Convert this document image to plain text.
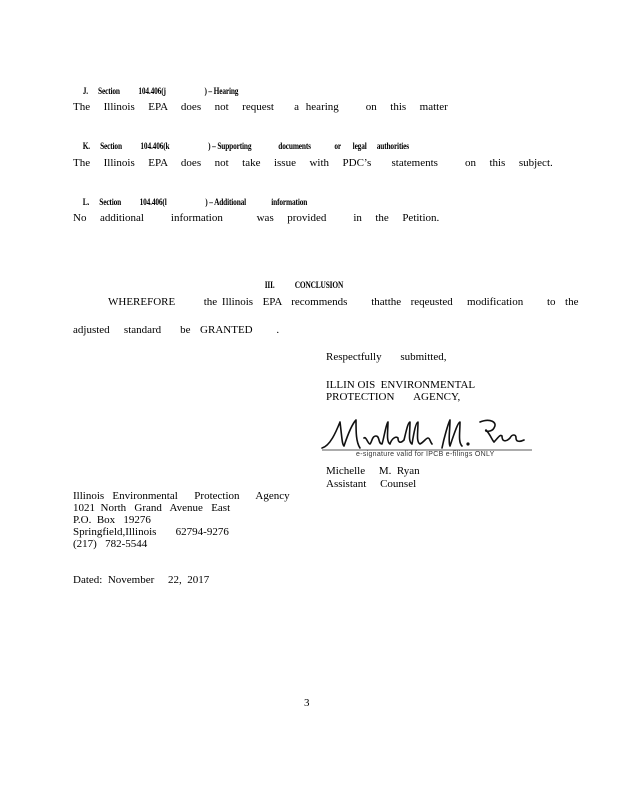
J. Section 104.406(j	) – Hearing

The  Illinois  EPA  does  not  request   a hearing    on  this  matter

K. Section 104.406(k	) – Supporting	documents	or legal authorities

The  Illinois  EPA  does  not  take  issue  with  PDC’s   statements    on  this  subject.

L. Section 104.406(l	) – Additional	information

No  additional    information     was  provided    in  the  Petition.

III. CONCLUSION

WHEREFORE      the Illinois  EPA  recommends     thatthe  reqeusted   modification     to  the
adjusted   standard    be  GRANTED     .
Respectfully     submitted,
ILLIN OIS  ENVIRONMENTAL
PROTECTION       AGENCY,
e-signature valid for IPCB e-filings ONLY
Michelle     M.  Ryan
Assistant     Counsel
Illinois   Environmental      Protection      Agency
1021  North   Grand   Avenue   East
P.O.  Box   19276
Springfield,Illinois       62794-9276
(217)   782-5544
Dated:  November     22,  2017
3
